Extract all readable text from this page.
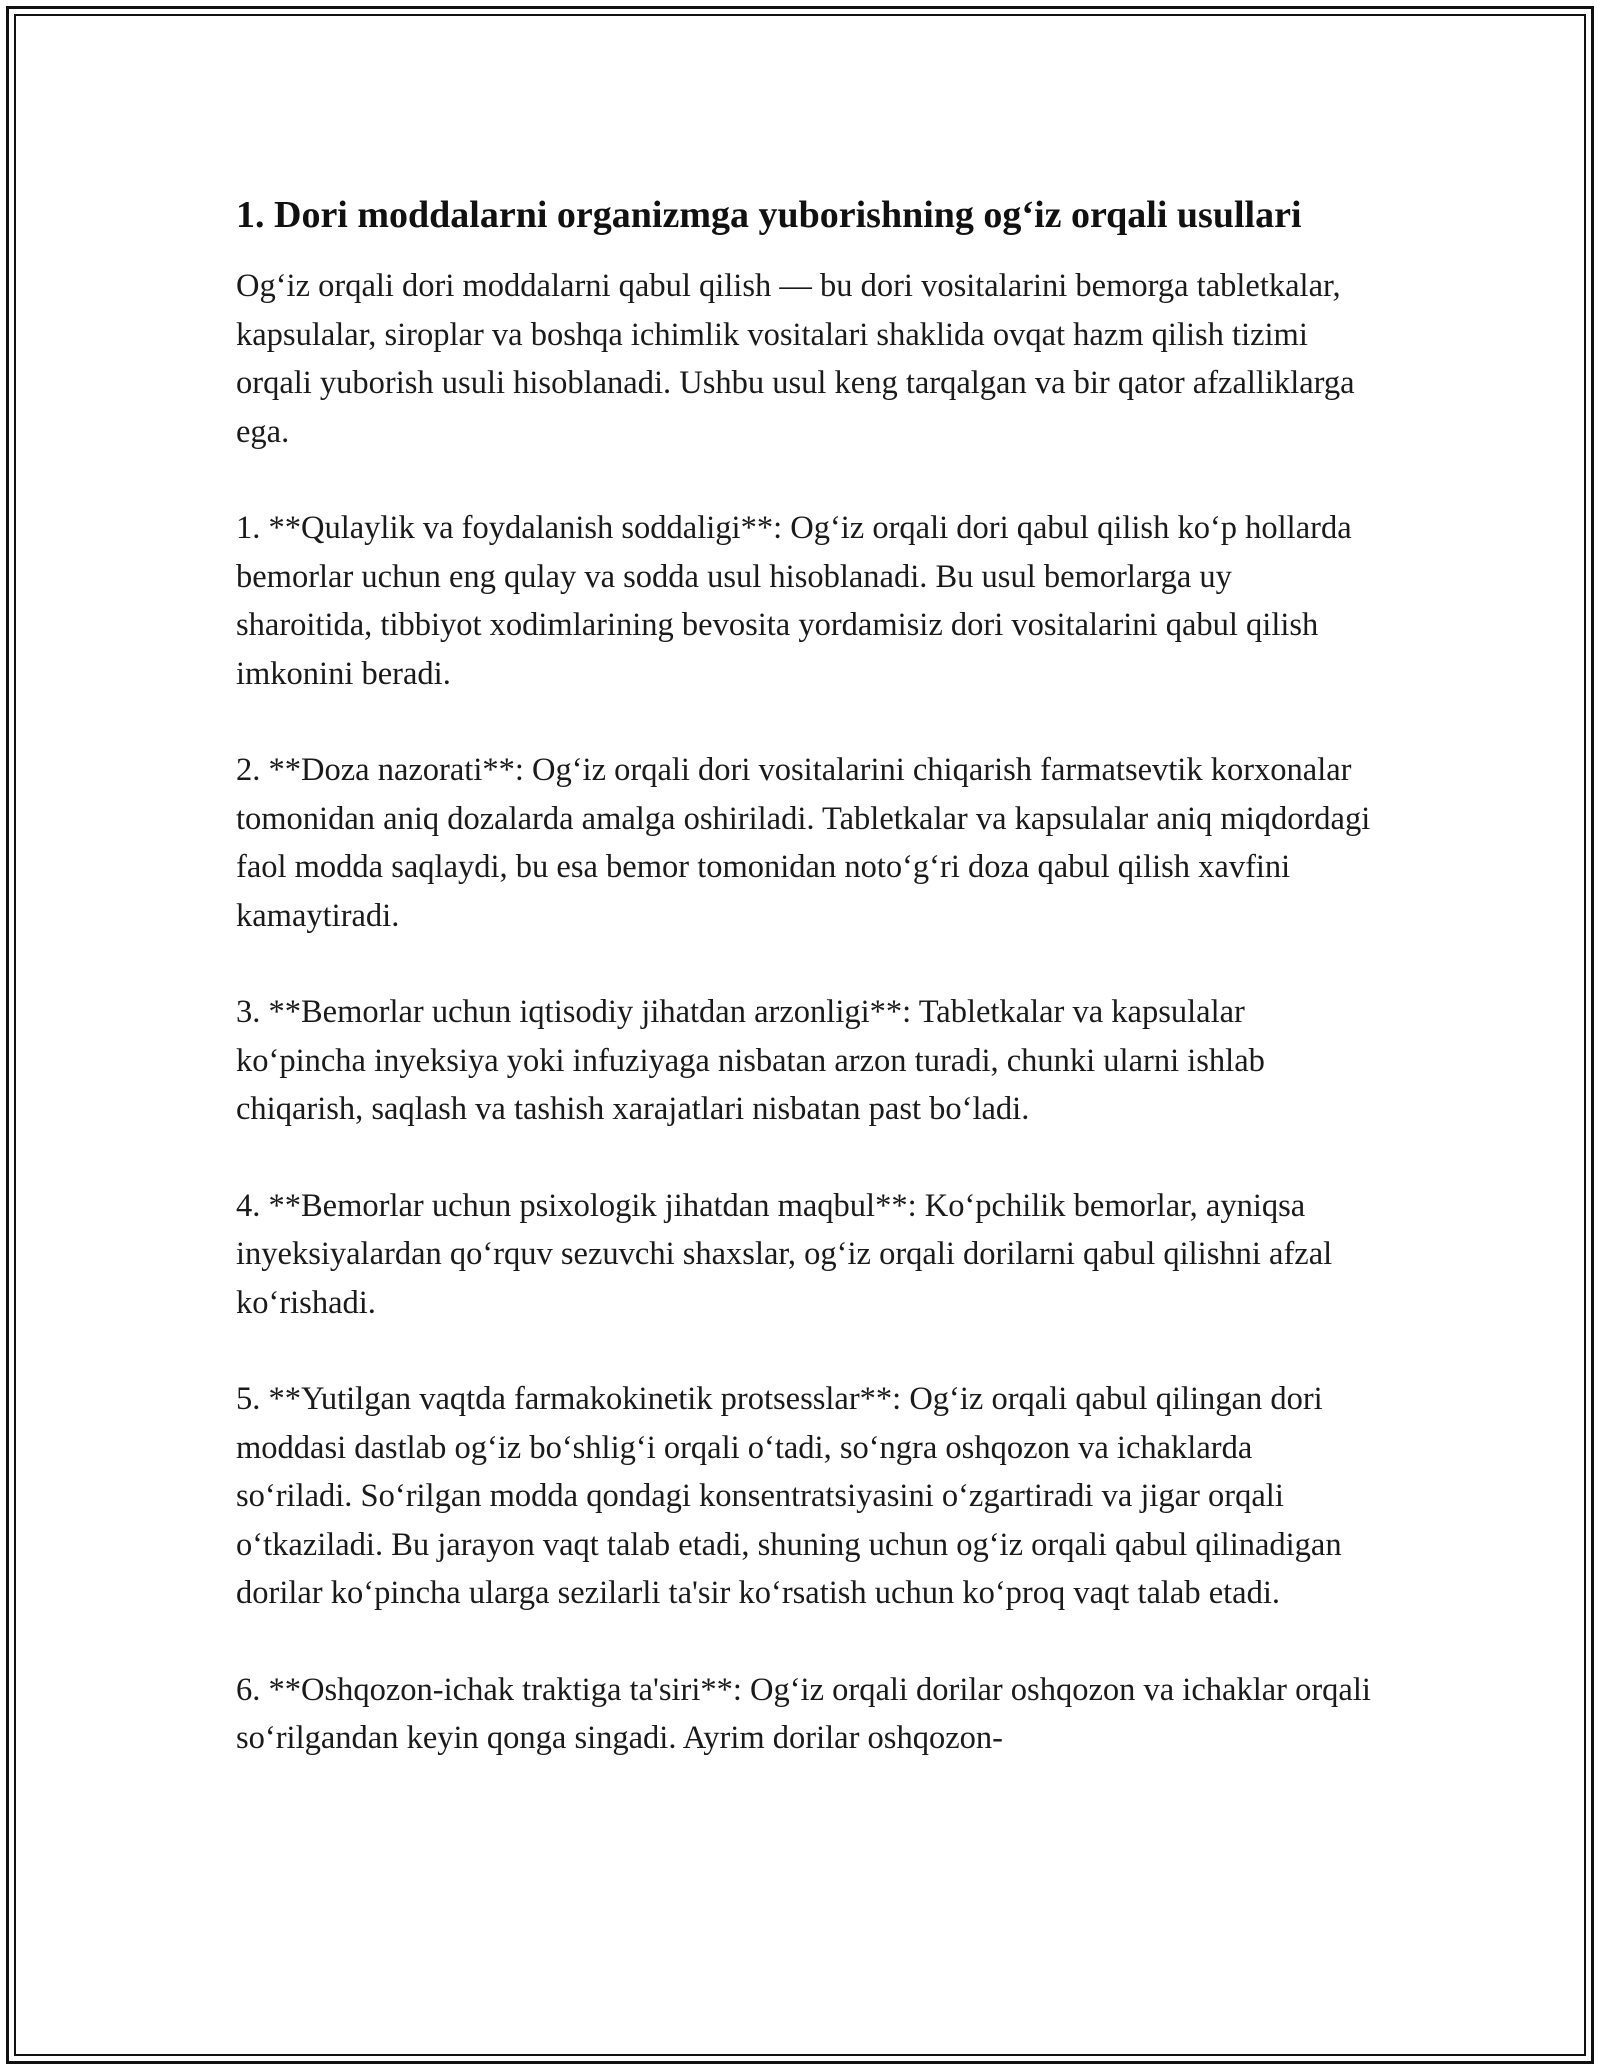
1. Dori moddalarni organizmga yuborishning og‘iz orqali usullari

Og‘iz orqali dori moddalarni qabul qilish — bu dori vositalarini bemorga tabletkalar, kapsulalar, siroplar va boshqa ichimlik vositalari shaklida ovqat hazm qilish tizimi orqali yuborish usuli hisoblanadi. Ushbu usul keng tarqalgan va bir qator afzalliklarga ega.

1. **Qulaylik va foydalanish soddaligi**: Og‘iz orqali dori qabul qilish ko‘p hollarda bemorlar uchun eng qulay va sodda usul hisoblanadi. Bu usul bemorlarga uy sharoitida, tibbiyot xodimlarining bevosita yordamisiz dori vositalarini qabul qilish imkonini beradi.

2. **Doza nazorati**: Og‘iz orqali dori vositalarini chiqarish farmatsevtik korxonalar tomonidan aniq dozalarda amalga oshiriladi. Tabletkalar va kapsulalar aniq miqdordagi faol modda saqlaydi, bu esa bemor tomonidan noto‘g‘ri doza qabul qilish xavfini kamaytiradi.

3. **Bemorlar uchun iqtisodiy jihatdan arzonligi**: Tabletkalar va kapsulalar ko‘pincha inyeksiya yoki infuziyaga nisbatan arzon turadi, chunki ularni ishlab chiqarish, saqlash va tashish xarajatlari nisbatan past bo‘ladi.

4. **Bemorlar uchun psixologik jihatdan maqbul**: Ko‘pchilik bemorlar, ayniqsa inyeksiyalardan qo‘rquv sezuvchi shaxslar, og‘iz orqali dorilarni qabul qilishni afzal ko‘rishadi.

5. **Yutilgan vaqtda farmakokinetik protsesslar**: Og‘iz orqali qabul qilingan dori moddasi dastlab og‘iz bo‘shlig‘i orqali o‘tadi, so‘ngra oshqozon va ichaklarda so‘riladi. So‘rilgan modda qondagi konsentratsiyasini o‘zgartiradi va jigar orqali o‘tkaziladi. Bu jarayon vaqt talab etadi, shuning uchun og‘iz orqali qabul qilinadigan dorilar ko‘pincha ularga sezilarli ta'sir ko‘rsatish uchun ko‘proq vaqt talab etadi.

6. **Oshqozon-ichak traktiga ta'siri**: Og‘iz orqali dorilar oshqozon va ichaklar orqali so‘rilgandan keyin qonga singadi. Ayrim dorilar oshqozon-
